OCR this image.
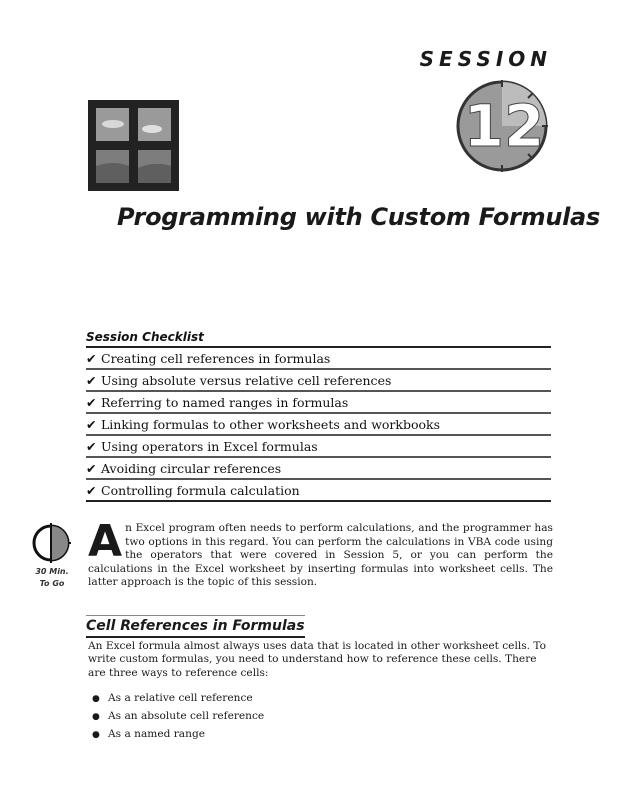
SESSION
12
Programming with Custom Formulas
Session Checklist
✔ Creating cell references in formulas
✔ Using absolute versus relative cell references
✔ Referring to named ranges in formulas
✔ Linking formulas to other worksheets and workbooks
✔ Using operators in Excel formulas
✔ Avoiding circular references
✔ Controlling formula calculation
30 Min.
To Go
An Excel program often needs to perform calculations, and the programmer has two options in this regard. You can perform the calculations in VBA code using the operators that were covered in Session 5, or you can perform the calculations in the Excel worksheet by inserting formulas into worksheet cells. The latter approach is the topic of this session.
Cell References in Formulas
An Excel formula almost always uses data that is located in other worksheet cells. To write custom formulas, you need to understand how to reference these cells. There are three ways to reference cells:
● As a relative cell reference
● As an absolute cell reference
● As a named range
